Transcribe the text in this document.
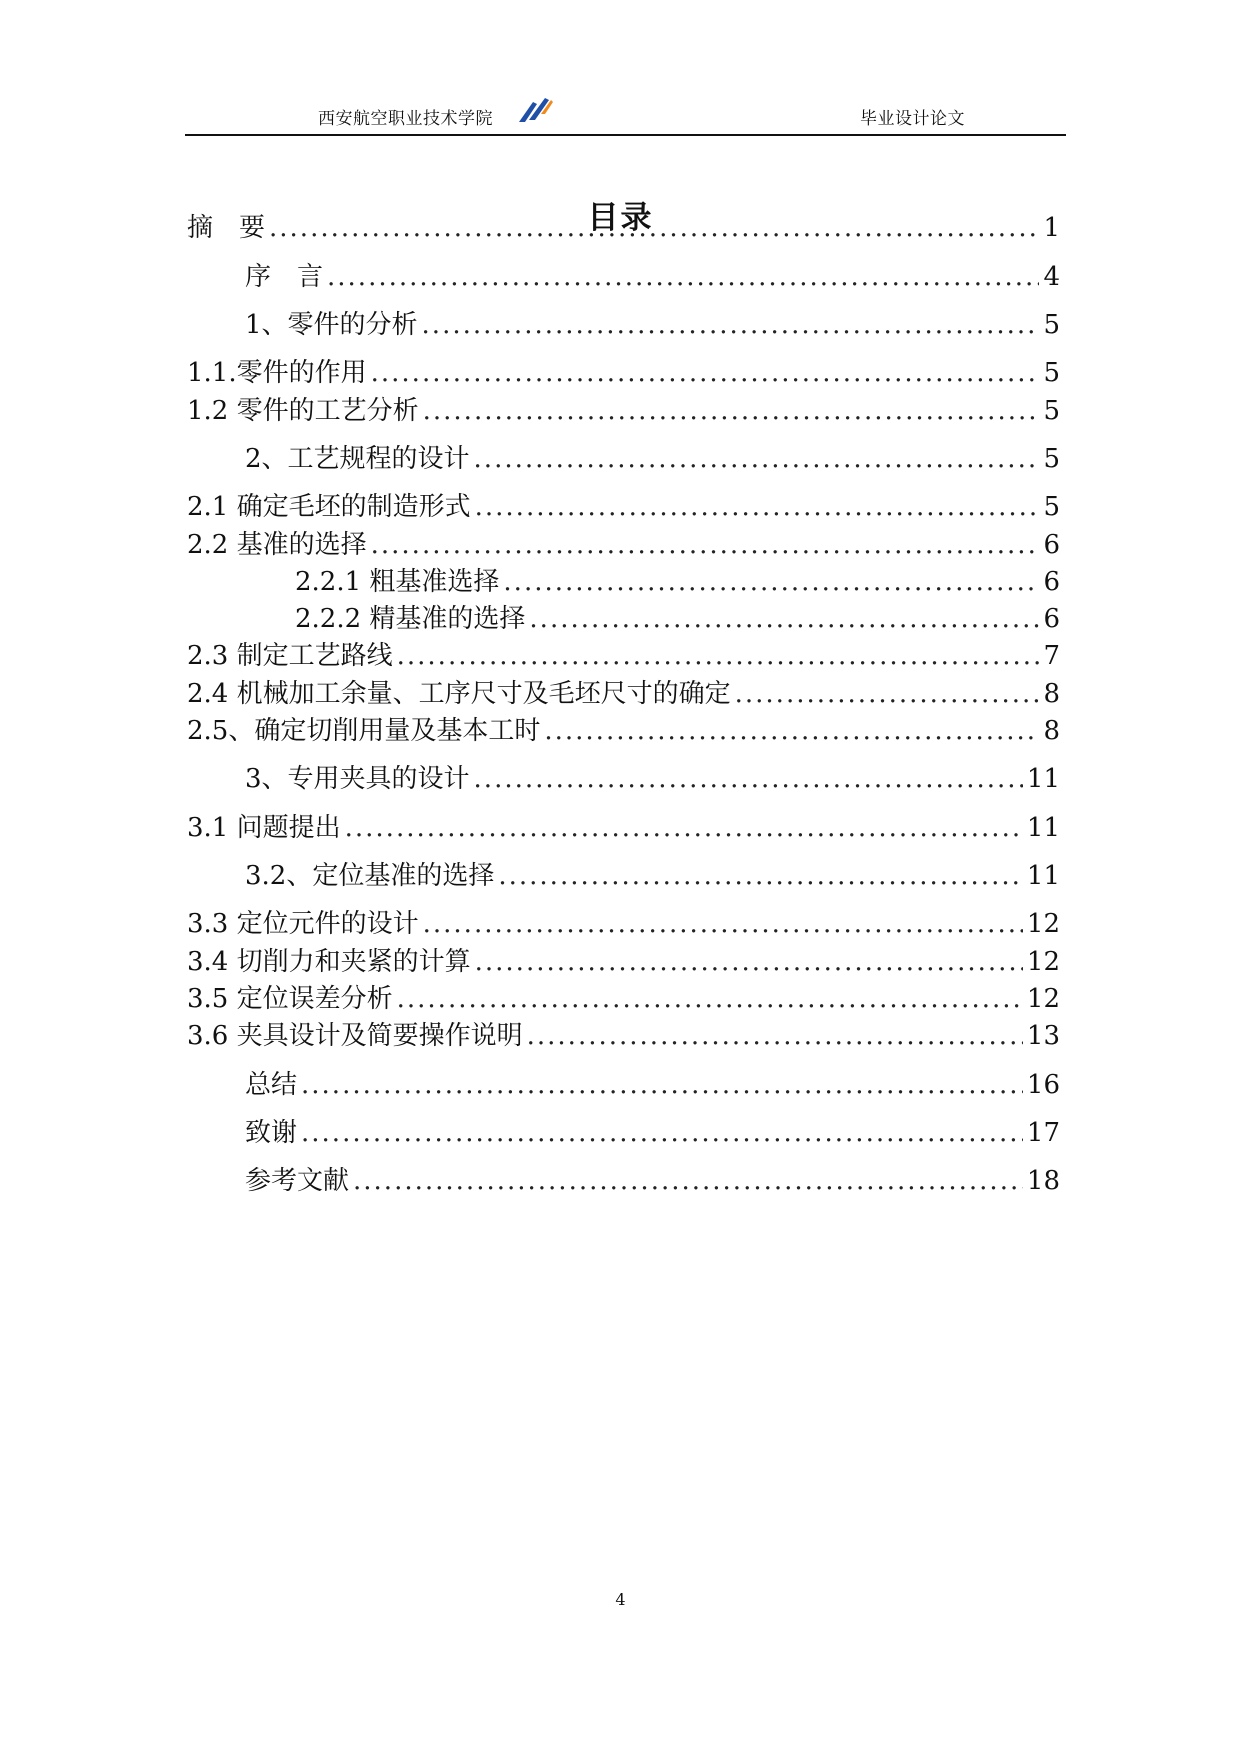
西安航空职业技术学院	毕业设计论文
目录
摘　要 .....	1
序　言 .....	4
1、零件的分析 .....	5
1.1.零件的作用 .....	5
1.2 零件的工艺分析 .....	5
2、工艺规程的设计 .....	5
2.1 确定毛坯的制造形式 .....	5
2.2 基准的选择 .....	6
2.2.1 粗基准选择 .....	6
2.2.2 精基准的选择 .....	6
2.3 制定工艺路线 .....	7
2.4 机械加工余量、工序尺寸及毛坯尺寸的确定 .....	8
2.5、确定切削用量及基本工时 .....	8
3、专用夹具的设计 .....	11
3.1 问题提出 .....	11
3.2、定位基准的选择 .....	11
3.3 定位元件的设计 .....	12
3.4 切削力和夹紧的计算 .....	12
3.5 定位误差分析 .....	12
3.6 夹具设计及简要操作说明 .....	13
总结 .....	16
致谢 .....	17
参考文献 .....	18
4
